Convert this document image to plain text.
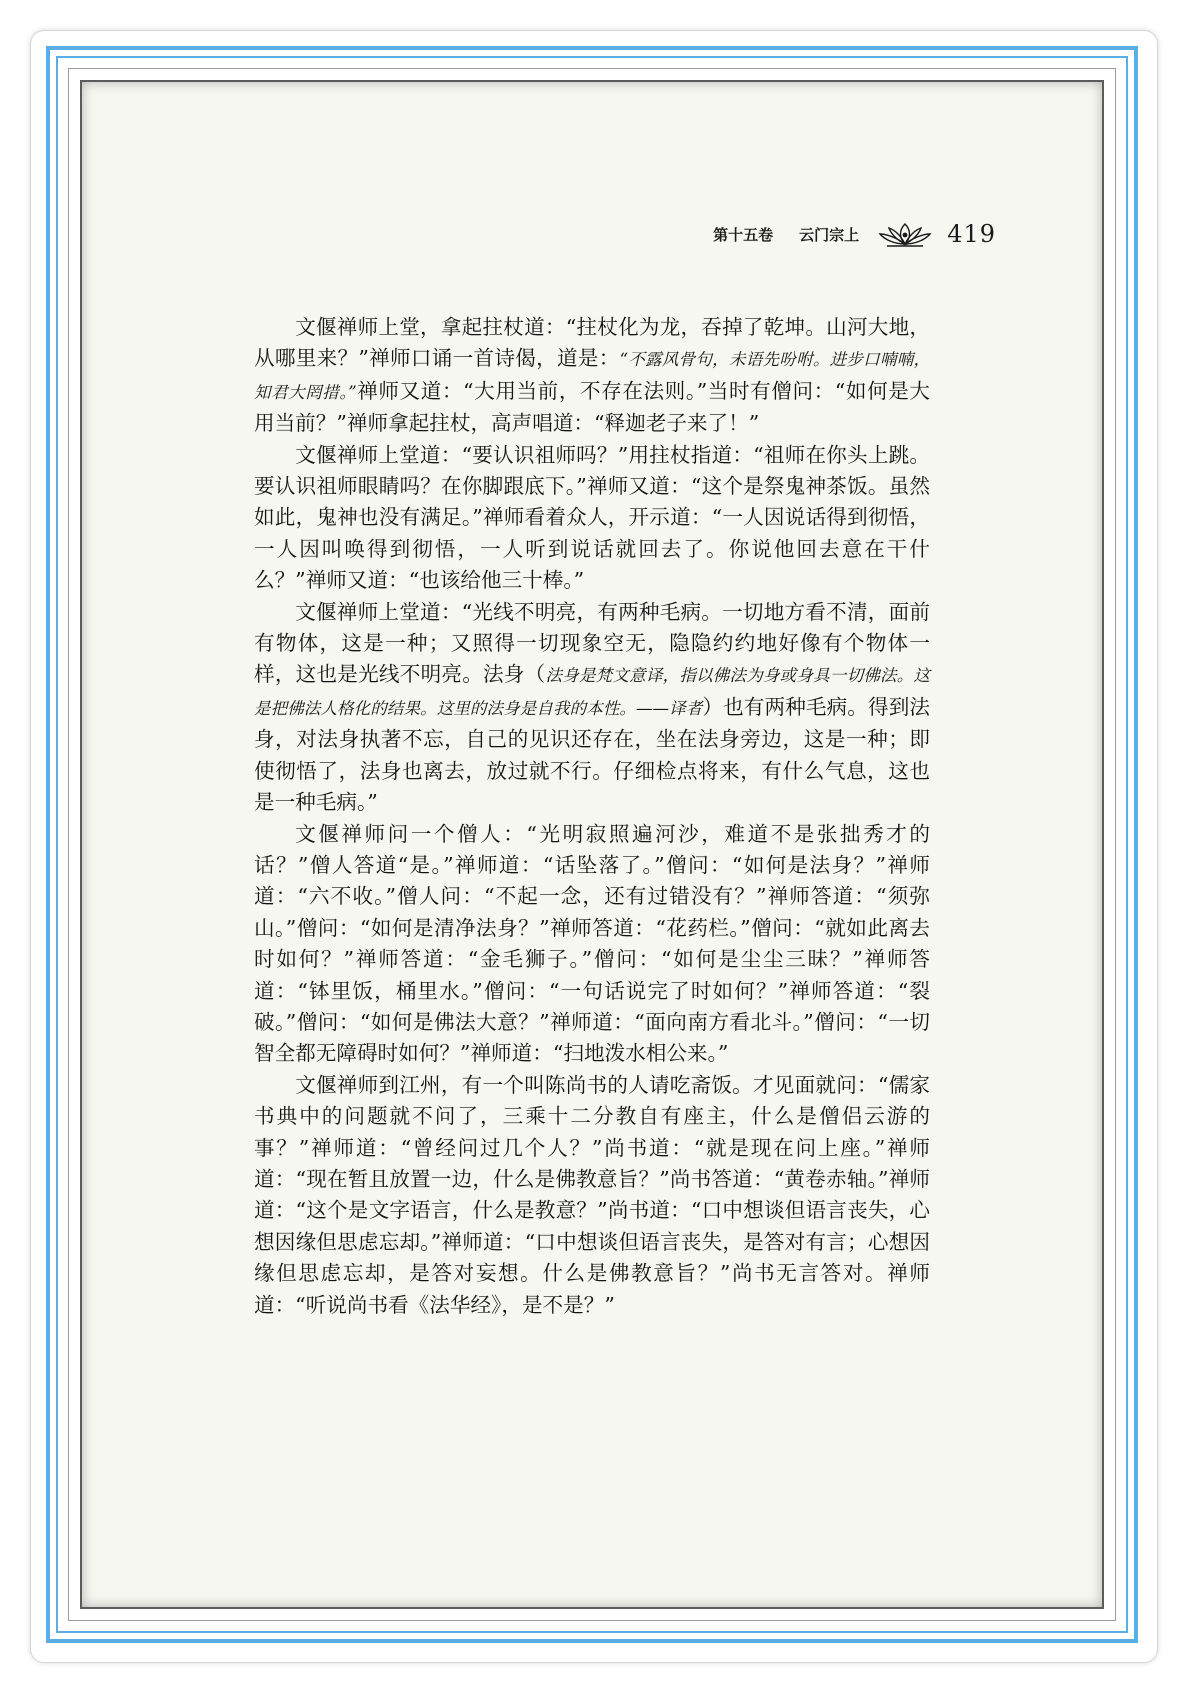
第十五卷 云门宗上	419

文偃禅师上堂，拿起拄杖道：“拄杖化为龙，吞掉了乾坤。山河大地，从哪里来？”禅师口诵一首诗偈，道是：“不露风骨句，未语先吩咐。进步口喃喃，知君大罔措。”禅师又道：“大用当前，不存在法则。”当时有僧问：“如何是大用当前？”禅师拿起拄杖，高声唱道：“释迦老子来了！”

文偃禅师上堂道：“要认识祖师吗？”用拄杖指道：“祖师在你头上跳。要认识祖师眼睛吗？在你脚跟底下。”禅师又道：“这个是祭鬼神茶饭。虽然如此，鬼神也没有满足。”禅师看着众人，开示道：“一人因说话得到彻悟，一人因叫唤得到彻悟，一人听到说话就回去了。你说他回去意在干什么？”禅师又道：“也该给他三十棒。”

文偃禅师上堂道：“光线不明亮，有两种毛病。一切地方看不清，面前有物体，这是一种；又照得一切现象空无，隐隐约约地好像有个物体一样，这也是光线不明亮。法身（法身是梵文意译，指以佛法为身或身具一切佛法。这是把佛法人格化的结果。这里的法身是自我的本性。——译者）也有两种毛病。得到法身，对法身执著不忘，自己的见识还存在，坐在法身旁边，这是一种；即使彻悟了，法身也离去，放过就不行。仔细检点将来，有什么气息，这也是一种毛病。”

文偃禅师问一个僧人：“光明寂照遍河沙，难道不是张拙秀才的话？”僧人答道“是。”禅师道：“话坠落了。”僧问：“如何是法身？”禅师道：“六不收。”僧人问：“不起一念，还有过错没有？”禅师答道：“须弥山。”僧问：“如何是清净法身？”禅师答道：“花药栏。”僧问：“就如此离去时如何？”禅师答道：“金毛狮子。”僧问：“如何是尘尘三昧？”禅师答道：“钵里饭，桶里水。”僧问：“一句话说完了时如何？”禅师答道：“裂破。”僧问：“如何是佛法大意？”禅师道：“面向南方看北斗。”僧问：“一切智全都无障碍时如何？”禅师道：“扫地泼水相公来。”

文偃禅师到江州，有一个叫陈尚书的人请吃斋饭。才见面就问：“儒家书典中的问题就不问了，三乘十二分教自有座主，什么是僧侣云游的事？”禅师道：“曾经问过几个人？”尚书道：“就是现在问上座。”禅师道：“现在暂且放置一边，什么是佛教意旨？”尚书答道：“黄卷赤轴。”禅师道：“这个是文字语言，什么是教意？”尚书道：“口中想谈但语言丧失，心想因缘但思虑忘却。”禅师道：“口中想谈但语言丧失，是答对有言；心想因缘但思虑忘却，是答对妄想。什么是佛教意旨？”尚书无言答对。禅师道：“听说尚书看《法华经》，是不是？”
